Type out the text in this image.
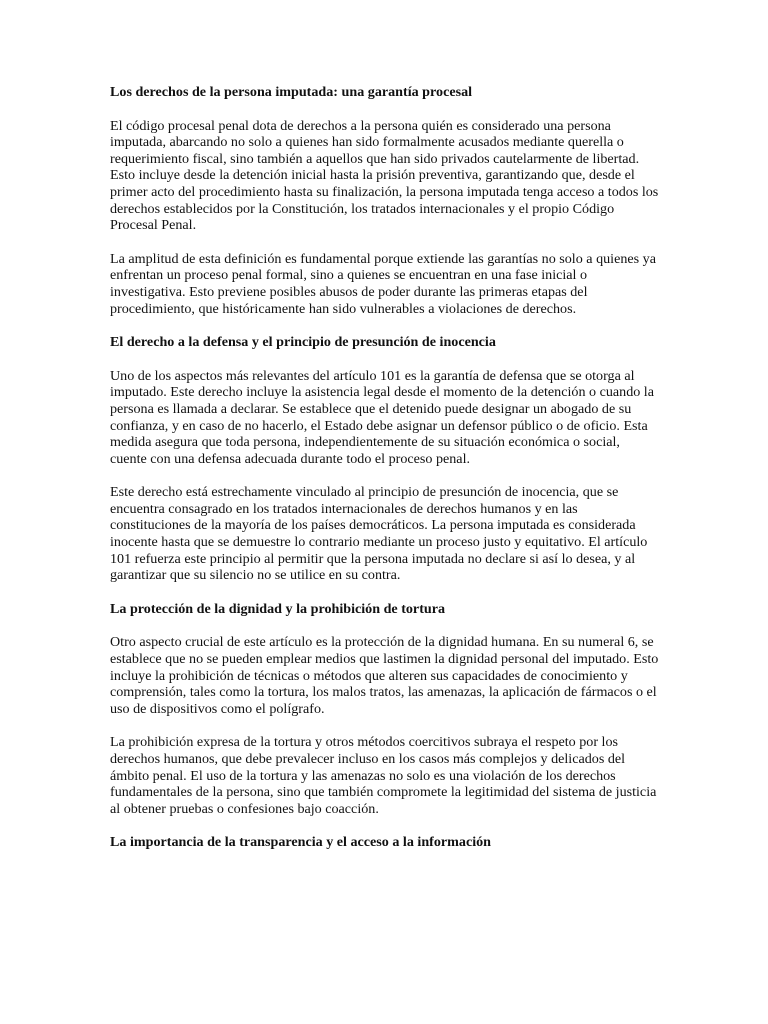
Los derechos de la persona imputada: una garantía procesal

El código procesal penal dota de derechos a la persona quién es considerado una persona imputada, abarcando no solo a quienes han sido formalmente acusados mediante querella o requerimiento fiscal, sino también a aquellos que han sido privados cautelarmente de libertad. Esto incluye desde la detención inicial hasta la prisión preventiva, garantizando que, desde el primer acto del procedimiento hasta su finalización, la persona imputada tenga acceso a todos los derechos establecidos por la Constitución, los tratados internacionales y el propio Código Procesal Penal.

La amplitud de esta definición es fundamental porque extiende las garantías no solo a quienes ya enfrentan un proceso penal formal, sino a quienes se encuentran en una fase inicial o investigativa. Esto previene posibles abusos de poder durante las primeras etapas del procedimiento, que históricamente han sido vulnerables a violaciones de derechos.

El derecho a la defensa y el principio de presunción de inocencia

Uno de los aspectos más relevantes del artículo 101 es la garantía de defensa que se otorga al imputado. Este derecho incluye la asistencia legal desde el momento de la detención o cuando la persona es llamada a declarar. Se establece que el detenido puede designar un abogado de su confianza, y en caso de no hacerlo, el Estado debe asignar un defensor público o de oficio. Esta medida asegura que toda persona, independientemente de su situación económica o social, cuente con una defensa adecuada durante todo el proceso penal.

Este derecho está estrechamente vinculado al principio de presunción de inocencia, que se encuentra consagrado en los tratados internacionales de derechos humanos y en las constituciones de la mayoría de los países democráticos. La persona imputada es considerada inocente hasta que se demuestre lo contrario mediante un proceso justo y equitativo. El artículo 101 refuerza este principio al permitir que la persona imputada no declare si así lo desea, y al garantizar que su silencio no se utilice en su contra.

La protección de la dignidad y la prohibición de tortura

Otro aspecto crucial de este artículo es la protección de la dignidad humana. En su numeral 6, se establece que no se pueden emplear medios que lastimen la dignidad personal del imputado. Esto incluye la prohibición de técnicas o métodos que alteren sus capacidades de conocimiento y comprensión, tales como la tortura, los malos tratos, las amenazas, la aplicación de fármacos o el uso de dispositivos como el polígrafo.

La prohibición expresa de la tortura y otros métodos coercitivos subraya el respeto por los derechos humanos, que debe prevalecer incluso en los casos más complejos y delicados del ámbito penal. El uso de la tortura y las amenazas no solo es una violación de los derechos fundamentales de la persona, sino que también compromete la legitimidad del sistema de justicia al obtener pruebas o confesiones bajo coacción.

La importancia de la transparencia y el acceso a la información
